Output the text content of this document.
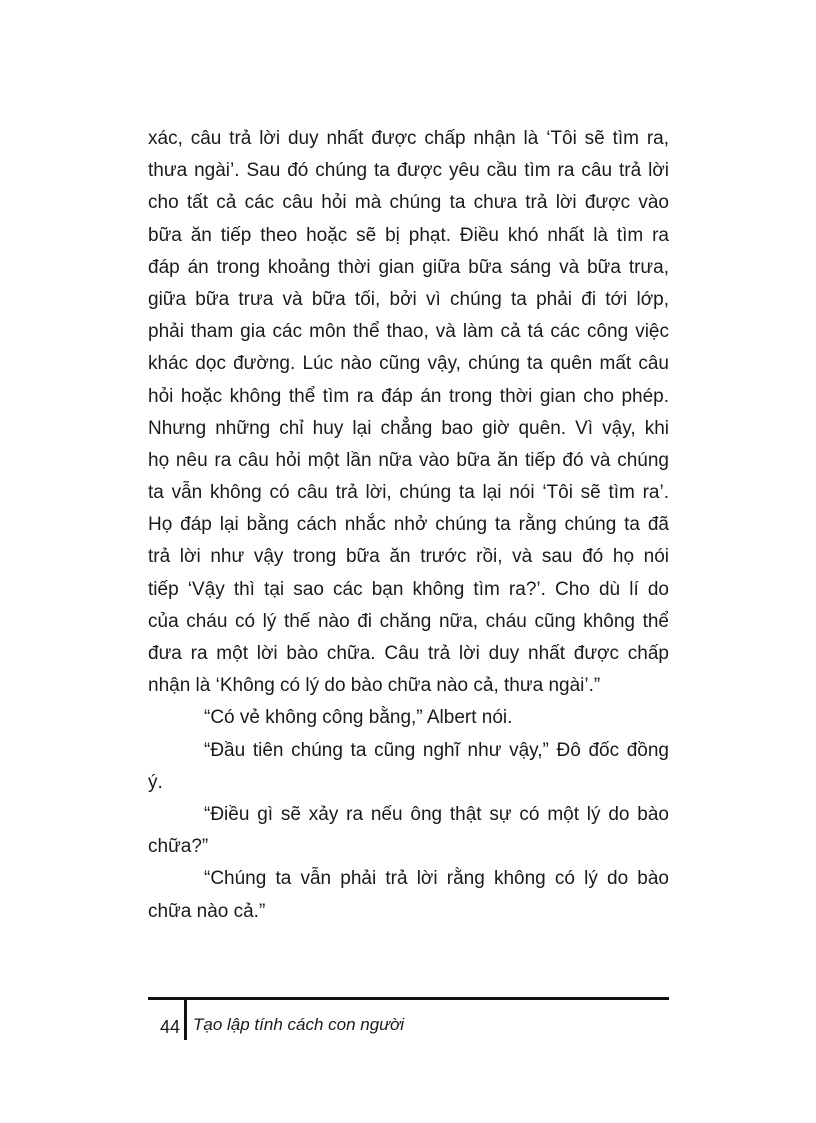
xác, câu trả lời duy nhất được chấp nhận là ‘Tôi sẽ tìm ra,
thưa ngài’. Sau đó chúng ta được yêu cầu tìm ra câu trả lời
cho tất cả các câu hỏi mà chúng ta chưa trả lời được vào
bữa ăn tiếp theo hoặc sẽ bị phạt. Điều khó nhất là tìm ra
đáp án trong khoảng thời gian giữa bữa sáng và bữa trưa,
giữa bữa trưa và bữa tối, bởi vì chúng ta phải đi tới lớp,
phải tham gia các môn thể thao, và làm cả tá các công việc
khác dọc đường. Lúc nào cũng vậy, chúng ta quên mất câu
hỏi hoặc không thể tìm ra đáp án trong thời gian cho phép.
Nhưng những chỉ huy lại chẳng bao giờ quên. Vì vậy, khi
họ nêu ra câu hỏi một lần nữa vào bữa ăn tiếp đó và chúng
ta vẫn không có câu trả lời, chúng ta lại nói ‘Tôi sẽ tìm ra’.
Họ đáp lại bằng cách nhắc nhở chúng ta rằng chúng ta đã
trả lời như vậy trong bữa ăn trước rồi, và sau đó họ nói
tiếp ‘Vậy thì tại sao các bạn không tìm ra?’. Cho dù lí do
của cháu có lý thế nào đi chăng nữa, cháu cũng không thể
đưa ra một lời bào chữa. Câu trả lời duy nhất được chấp
nhận là ‘Không có lý do bào chữa nào cả, thưa ngài’.”
“Có vẻ không công bằng,” Albert nói.
“Đầu tiên chúng ta cũng nghĩ như vậy,” Đô đốc đồng
ý.
“Điều gì sẽ xảy ra nếu ông thật sự có một lý do bào
chữa?”
“Chúng ta vẫn phải trả lời rằng không có lý do bào
chữa nào cả.”
44 Tạo lập tính cách con người
